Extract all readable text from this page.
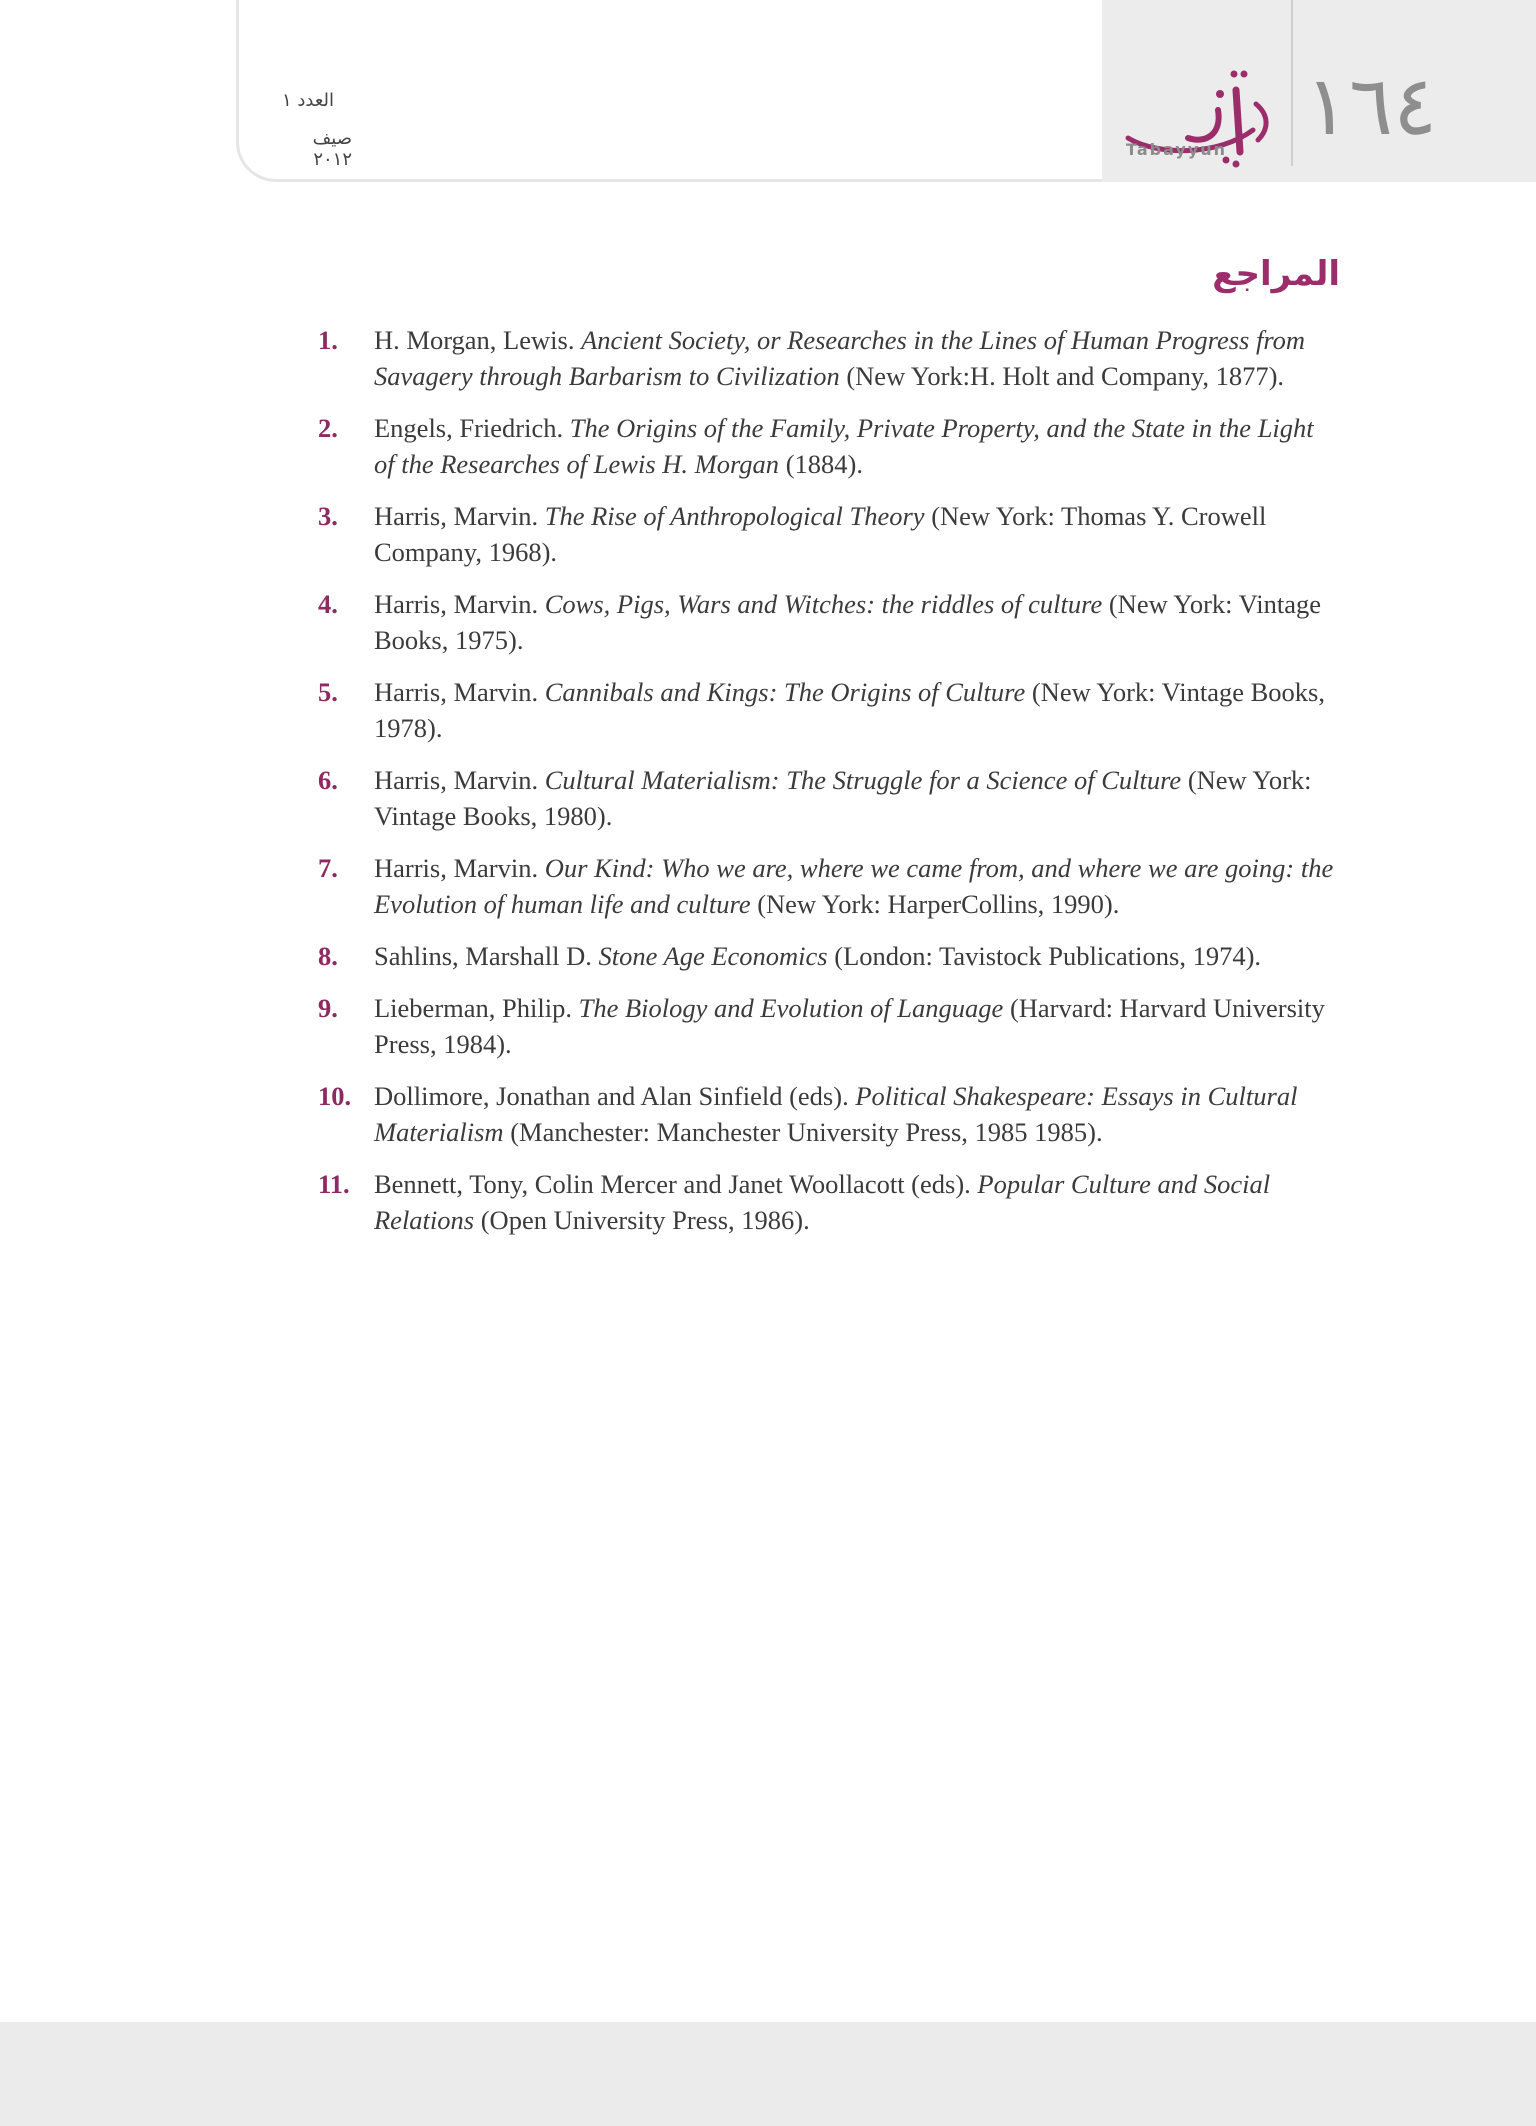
١٦٤
Tabayyun
العدد ١
صيف ٢٠١٢
المراجع
1.	H. Morgan, Lewis. Ancient Society, or Researches in the Lines of Human Progress from Savagery through Barbarism to Civilization (New York:H. Holt and Company, 1877).
2.	Engels, Friedrich. The Origins of the Family, Private Property, and the State in the Light of the Researches of Lewis H. Morgan (1884).
3.	Harris, Marvin. The Rise of Anthropological Theory (New York: Thomas Y. Crowell Company, 1968).
4.	Harris, Marvin. Cows, Pigs, Wars and Witches: the riddles of culture (New York: Vintage Books, 1975).
5.	Harris, Marvin. Cannibals and Kings: The Origins of Culture (New York: Vintage Books, 1978).
6.	Harris, Marvin. Cultural Materialism: The Struggle for a Science of Culture (New York: Vintage Books, 1980).
7.	Harris, Marvin. Our Kind: Who we are, where we came from, and where we are going: the Evolution of human life and culture (New York: HarperCollins, 1990).
8.	Sahlins, Marshall D. Stone Age Economics (London: Tavistock Publications, 1974).
9.	Lieberman, Philip. The Biology and Evolution of Language (Harvard: Harvard University Press, 1984).
10. Dollimore, Jonathan and Alan Sinfield (eds). Political Shakespeare: Essays in Cultural Materialism (Manchester: Manchester University Press, 1985 1985).
11. Bennett, Tony, Colin Mercer and Janet Woollacott (eds). Popular Culture and Social Relations (Open University Press, 1986).
